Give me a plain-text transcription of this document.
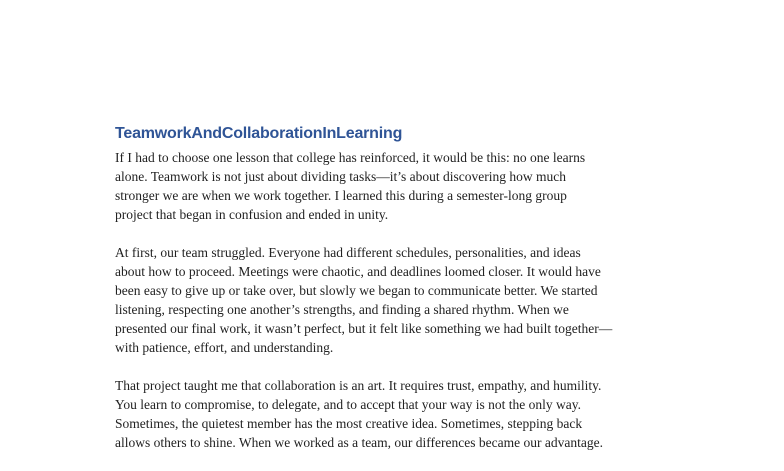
TeamworkAndCollaborationInLearning

If I had to choose one lesson that college has reinforced, it would be this: no one learns
alone. Teamwork is not just about dividing tasks—it’s about discovering how much
stronger we are when we work together. I learned this during a semester-long group
project that began in confusion and ended in unity.

At first, our team struggled. Everyone had different schedules, personalities, and ideas
about how to proceed. Meetings were chaotic, and deadlines loomed closer. It would have
been easy to give up or take over, but slowly we began to communicate better. We started
listening, respecting one another’s strengths, and finding a shared rhythm. When we
presented our final work, it wasn’t perfect, but it felt like something we had built together—
with patience, effort, and understanding.

That project taught me that collaboration is an art. It requires trust, empathy, and humility.
You learn to compromise, to delegate, and to accept that your way is not the only way.
Sometimes, the quietest member has the most creative idea. Sometimes, stepping back
allows others to shine. When we worked as a team, our differences became our advantage.
